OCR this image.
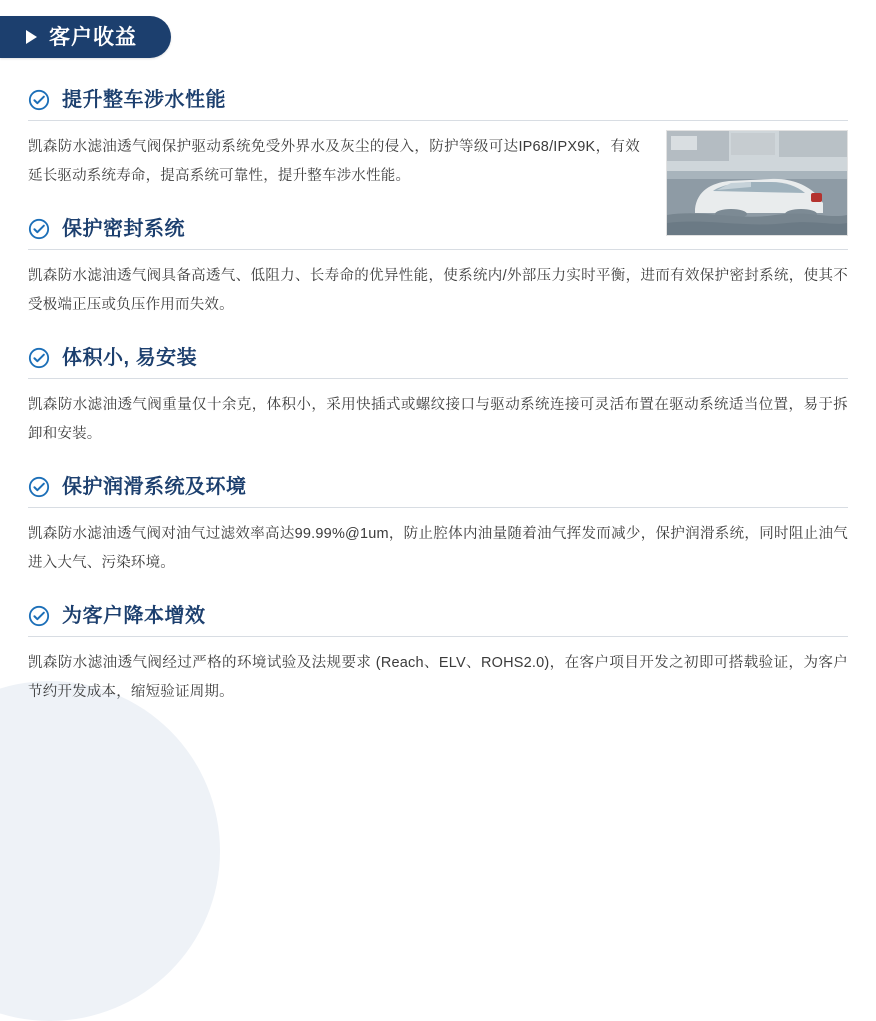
客户收益
提升整车涉水性能
凯森防水滤油透气阀保护驱动系统免受外界水及灰尘的侵入，防护等级可达IP68/IPX9K，有效延长驱动系统寿命，提高系统可靠性，提升整车涉水性能。
保护密封系统
凯森防水滤油透气阀具备高透气、低阻力、长寿命的优异性能，使系统内/外部压力实时平衡，进而有效保护密封系统，使其不受极端正压或负压作用而失效。
体积小, 易安装
凯森防水滤油透气阀重量仅十余克，体积小，采用快插式或螺纹接口与驱动系统连接可灵活布置在驱动系统适当位置，易于拆卸和安装。
保护润滑系统及环境
凯森防水滤油透气阀对油气过滤效率高达99.99%@1um，防止腔体内油量随着油气挥发而减少，保护润滑系统，同时阻止油气进入大气、污染环境。
为客户降本增效
凯森防水滤油透气阀经过严格的环境试验及法规要求 (Reach、ELV、ROHS2.0)，在客户项目开发之初即可搭载验证，为客户节约开发成本，缩短验证周期。
